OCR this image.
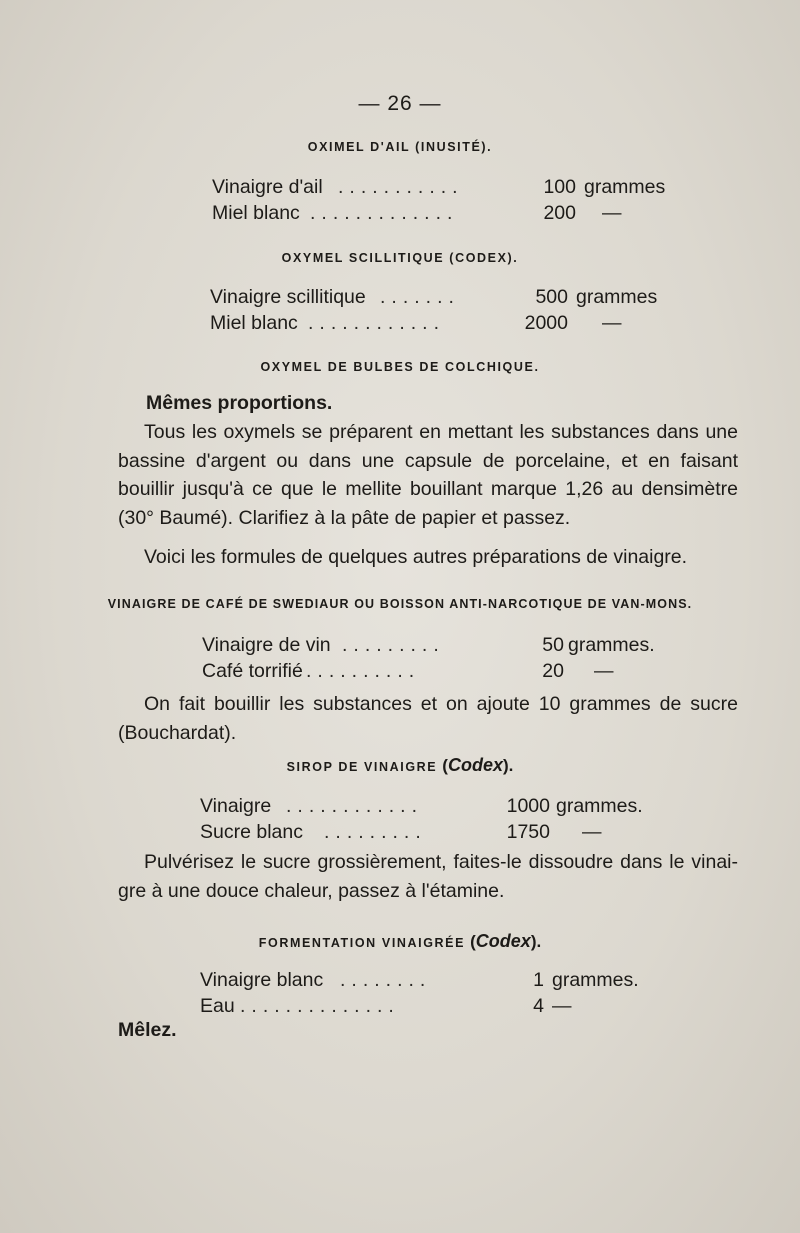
— 26 —
OXIMEL D'AIL (INUSITÉ).
Vinaigre d'ail ...........	100 grammes
Miel blanc .............	200 —
OXYMEL SCILLITIQUE (CODEX).
Vinaigre scillitique .......	500 grammes
Miel blanc ............	2000 —
OXYMEL DE BULBES DE COLCHIQUE.
Mêmes proportions.
Tous les oxymels se préparent en mettant les substances dans une
bassine d'argent ou dans une capsule de porcelaine, et en faisant
bouillir jusqu'à ce que le mellite bouillant marque 1,26 au densimètre
(30° Baumé). Clarifiez à la pâte de papier et passez.
Voici les formules de quelques autres préparations de vinaigre.
VINAIGRE DE CAFÉ DE SWEDIAUR OU BOISSON ANTI-NARCOTIQUE DE VAN-MONS.
Vinaigre de vin .........	50 grammes.
Café torrifié ..........	20 —
On fait bouillir les substances et on ajoute 10 grammes de sucre
(Bouchardat).
SIROP DE VINAIGRE (Codex).
Vinaigre ............	1000 grammes.
Sucre blanc .........	1750 —
Pulvérisez le sucre grossièrement, faites-le dissoudre dans le vinai-
gre à une douce chaleur, passez à l'étamine.
FORMENTATION VINAIGRÉE (Codex).
Vinaigre blanc ........	1 grammes.
Eau ..............	4 —
Mêlez.
